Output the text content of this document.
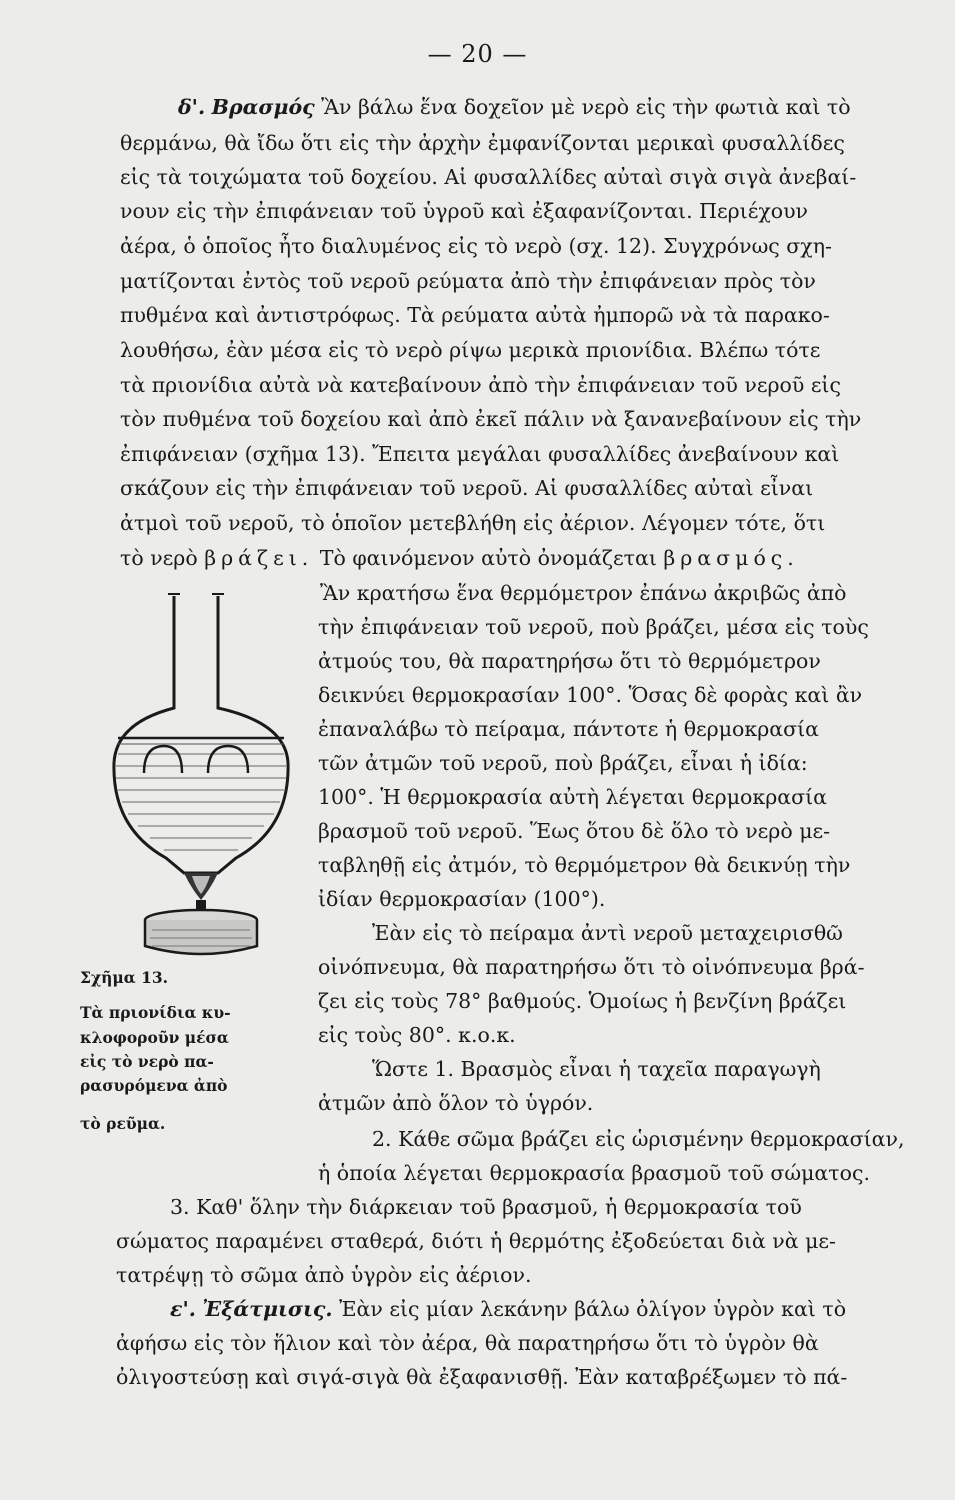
— 20 —
δ'. Βρασμός Ἂν βάλω ἕνα δοχεῖον μὲ νερὸ εἰς τὴν φωτιὰ καὶ τὸ
θερμάνω, θὰ ἴδω ὅτι εἰς τὴν ἀρχὴν ἐμφανίζονται μερικαὶ φυσαλλίδες
εἰς τὰ τοιχώματα τοῦ δοχείου. Αἱ φυσαλλίδες αὐταὶ σιγὰ σιγὰ ἀνεβαί-
νουν εἰς τὴν ἐπιφάνειαν τοῦ ὑγροῦ καὶ ἐξαφανίζονται. Περιέχουν
ἀέρα, ὁ ὁποῖος ἦτο διαλυμένος εἰς τὸ νερὸ (σχ. 12). Συγχρόνως σχη-
ματίζονται ἐντὸς τοῦ νεροῦ ρεύματα ἀπὸ τὴν ἐπιφάνειαν πρὸς τὸν
πυθμένα καὶ ἀντιστρόφως. Τὰ ρεύματα αὐτὰ ἠμπορῶ νὰ τὰ παρακο-
λουθήσω, ἐὰν μέσα εἰς τὸ νερὸ ρίψω μερικὰ πριονίδια. Βλέπω τότε
τὰ πριονίδια αὐτὰ νὰ κατεβαίνουν ἀπὸ τὴν ἐπιφάνειαν τοῦ νεροῦ εἰς
τὸν πυθμένα τοῦ δοχείου καὶ ἀπὸ ἐκεῖ πάλιν νὰ ξανανεβαίνουν εἰς τὴν
ἐπιφάνειαν (σχῆμα 13). Ἔπειτα μεγάλαι φυσαλλίδες ἀνεβαίνουν καὶ
σκάζουν εἰς τὴν ἐπιφάνειαν τοῦ νεροῦ. Αἱ φυσαλλίδες αὐταὶ εἶναι
ἀτμοὶ τοῦ νεροῦ, τὸ ὁποῖον μετεβλήθη εἰς ἀέριον. Λέγομεν τότε, ὅτι
τὸ νερὸ βράζει. Τὸ φαινόμενον αὐτὸ ὀνομάζεται βρασμός.
Σχῆμα 13.
Τὰ πριονίδια κυ-
κλοφοροῦν μέσα
εἰς τὸ νερὸ πα-
ρασυρόμενα ἀπὸ
τὸ ρεῦμα.
Ἂν κρατήσω ἕνα θερμόμετρον ἐπάνω ἀκριβῶς ἀπὸ
τὴν ἐπιφάνειαν τοῦ νεροῦ, ποὺ βράζει, μέσα εἰς τοὺς
ἀτμούς του, θὰ παρατηρήσω ὅτι τὸ θερμόμετρον
δεικνύει θερμοκρασίαν 100°. Ὅσας δὲ φορὰς καὶ ἂν
ἐπαναλάβω τὸ πείραμα, πάντοτε ἡ θερμοκρασία
τῶν ἀτμῶν τοῦ νεροῦ, ποὺ βράζει, εἶναι ἡ ἰδία:
100°. Ἡ θερμοκρασία αὐτὴ λέγεται θερμοκρασία
βρασμοῦ τοῦ νεροῦ. Ἕως ὅτου δὲ ὅλο τὸ νερὸ με-
ταβληθῇ εἰς ἀτμόν, τὸ θερμόμετρον θὰ δεικνύῃ τὴν
ἰδίαν θερμοκρασίαν (100°).
Ἐὰν εἰς τὸ πείραμα ἀντὶ νεροῦ μεταχειρισθῶ
οἰνόπνευμα, θὰ παρατηρήσω ὅτι τὸ οἰνόπνευμα βρά-
ζει εἰς τοὺς 78° βαθμούς. Ὁμοίως ἡ βενζίνη βράζει
εἰς τοὺς 80°. κ.ο.κ.
Ὥστε 1. Βρασμὸς εἶναι ἡ ταχεῖα παραγωγὴ
ἀτμῶν ἀπὸ ὅλον τὸ ὑγρόν.
2. Κάθε σῶμα βράζει εἰς ὡρισμένην θερμοκρασίαν,
ἡ ὁποία λέγεται θερμοκρασία βρασμοῦ τοῦ σώματος.
3. Καθ' ὅλην τὴν διάρκειαν τοῦ βρασμοῦ, ἡ θερμοκρασία τοῦ
σώματος παραμένει σταθερά, διότι ἡ θερμότης ἐξοδεύεται διὰ νὰ με-
τατρέψῃ τὸ σῶμα ἀπὸ ὑγρὸν εἰς ἀέριον.
ε'. Ἐξάτμισις. Ἐὰν εἰς μίαν λεκάνην βάλω ὀλίγον ὑγρὸν καὶ τὸ
ἀφήσω εἰς τὸν ἥλιον καὶ τὸν ἀέρα, θὰ παρατηρήσω ὅτι τὸ ὑγρὸν θὰ
ὀλιγοστεύσῃ καὶ σιγά-σιγὰ θὰ ἐξαφανισθῇ. Ἐὰν καταβρέξωμεν τὸ πά-
